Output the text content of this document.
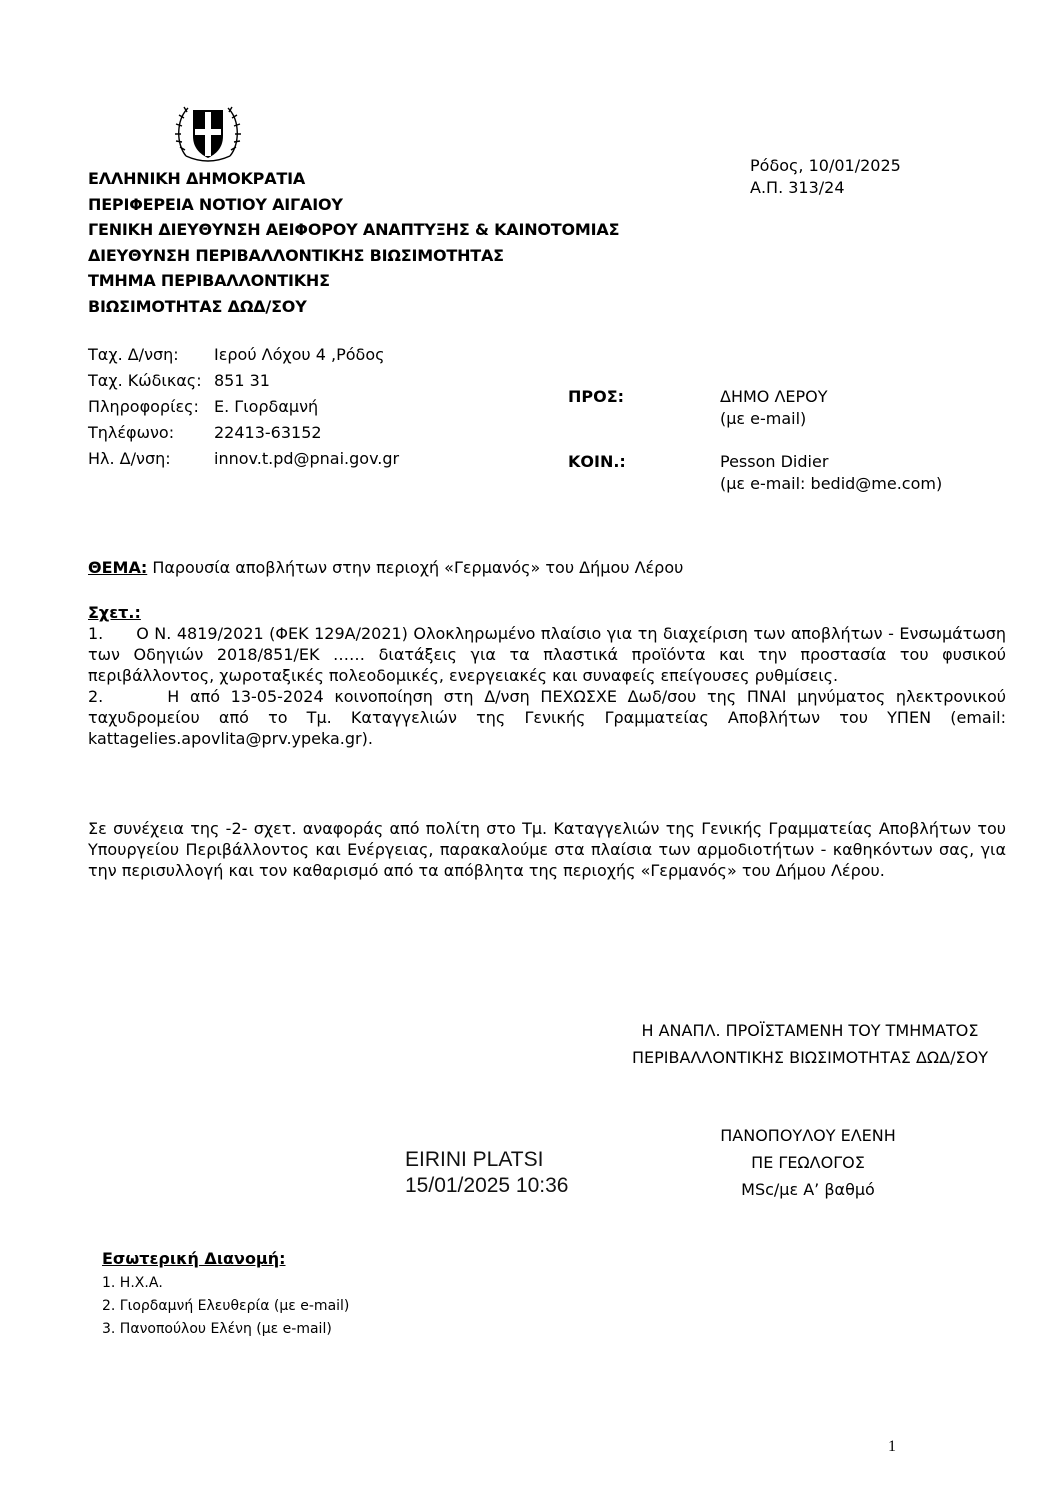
ΕΛΛΗΝΙΚΗ ΔΗΜΟΚΡΑΤΙΑ
ΠΕΡΙΦΕΡΕΙΑ ΝΟΤΙΟΥ ΑΙΓΑΙΟΥ
ΓΕΝΙΚΗ ΔΙΕΥΘΥΝΣΗ ΑΕΙΦΟΡΟΥ ΑΝΑΠΤΥΞΗΣ & ΚΑΙΝΟΤΟΜΙΑΣ
ΔΙΕΥΘΥΝΣΗ ΠΕΡΙΒΑΛΛΟΝΤΙΚΗΣ ΒΙΩΣΙΜΟΤΗΤΑΣ
ΤΜΗΜΑ ΠΕΡΙΒΑΛΛΟΝΤΙΚΗΣ
ΒΙΩΣΙΜΟΤΗΤΑΣ ΔΩΔ/ΣΟΥ
Ρόδος, 10/01/2025
Α.Π. 313/24
Ταχ. Δ/νση:	Ιερού Λόχου 4 ,Ρόδος
Ταχ. Κώδικας: 851 31
Πληροφορίες: Ε. Γιορδαμνή
Τηλέφωνο:	22413-63152
Ηλ. Δ/νση:	innov.t.pd@pnai.gov.gr
ΠΡΟΣ:	ΔΗΜΟ ΛΕΡΟΥ
(με e-mail)
ΚΟΙΝ.:	Pesson Didier
(με e-mail: bedid@me.com)
ΘΕΜΑ: Παρουσία αποβλήτων στην περιοχή «Γερμανός» του Δήμου Λέρου
Σχετ.:

1.      Ο Ν. 4819/2021 (ΦΕΚ 129Α/2021) Ολοκληρωμένο πλαίσιο για τη διαχείριση των αποβλήτων - Ενσωμάτωση των Οδηγιών 2018/851/ΕΚ …… διατάξεις για τα πλαστικά προϊόντα και την προστασία του φυσικού περιβάλλοντος, χωροταξικές πολεοδομικές, ενεργειακές και συναφείς επείγουσες ρυθμίσεις.

2.      Η από 13-05-2024 κοινοποίηση στη Δ/νση ΠΕΧΩΣΧΕ Δωδ/σου της ΠΝΑΙ μηνύματος ηλεκτρονικού ταχυδρομείου από το Τμ. Καταγγελιών της Γενικής Γραμματείας Αποβλήτων του ΥΠΕΝ (email: kattagelies.apovlita@prv.ypeka.gr).

Σε συνέχεια της -2- σχετ. αναφοράς από πολίτη στο Τμ. Καταγγελιών της Γενικής Γραμματείας Αποβλήτων του Υπουργείου Περιβάλλοντος και Ενέργειας, παρακαλούμε στα πλαίσια των αρμοδιοτήτων - καθηκόντων σας, για την περισυλλογή και τον καθαρισμό από τα απόβλητα της περιοχής «Γερμανός» του Δήμου Λέρου.

Η ΑΝΑΠΛ. ΠΡΟΪΣΤΑΜΕΝΗ ΤΟΥ ΤΜΗΜΑΤΟΣ
ΠΕΡΙΒΑΛΛΟΝΤΙΚΗΣ ΒΙΩΣΙΜΟΤΗΤΑΣ ΔΩΔ/ΣΟΥ
EIRINI PLATSI
15/01/2025 10:36
ΠΑΝΟΠΟΥΛΟΥ ΕΛΕΝΗ
ΠΕ ΓΕΩΛΟΓΟΣ
MSc/με Α’ βαθμό
Εσωτερική Διανομή:
1. Η.Χ.Α.
2. Γιορδαμνή Ελευθερία (με e-mail)
3. Πανοπούλου Ελένη (με e-mail)
1
